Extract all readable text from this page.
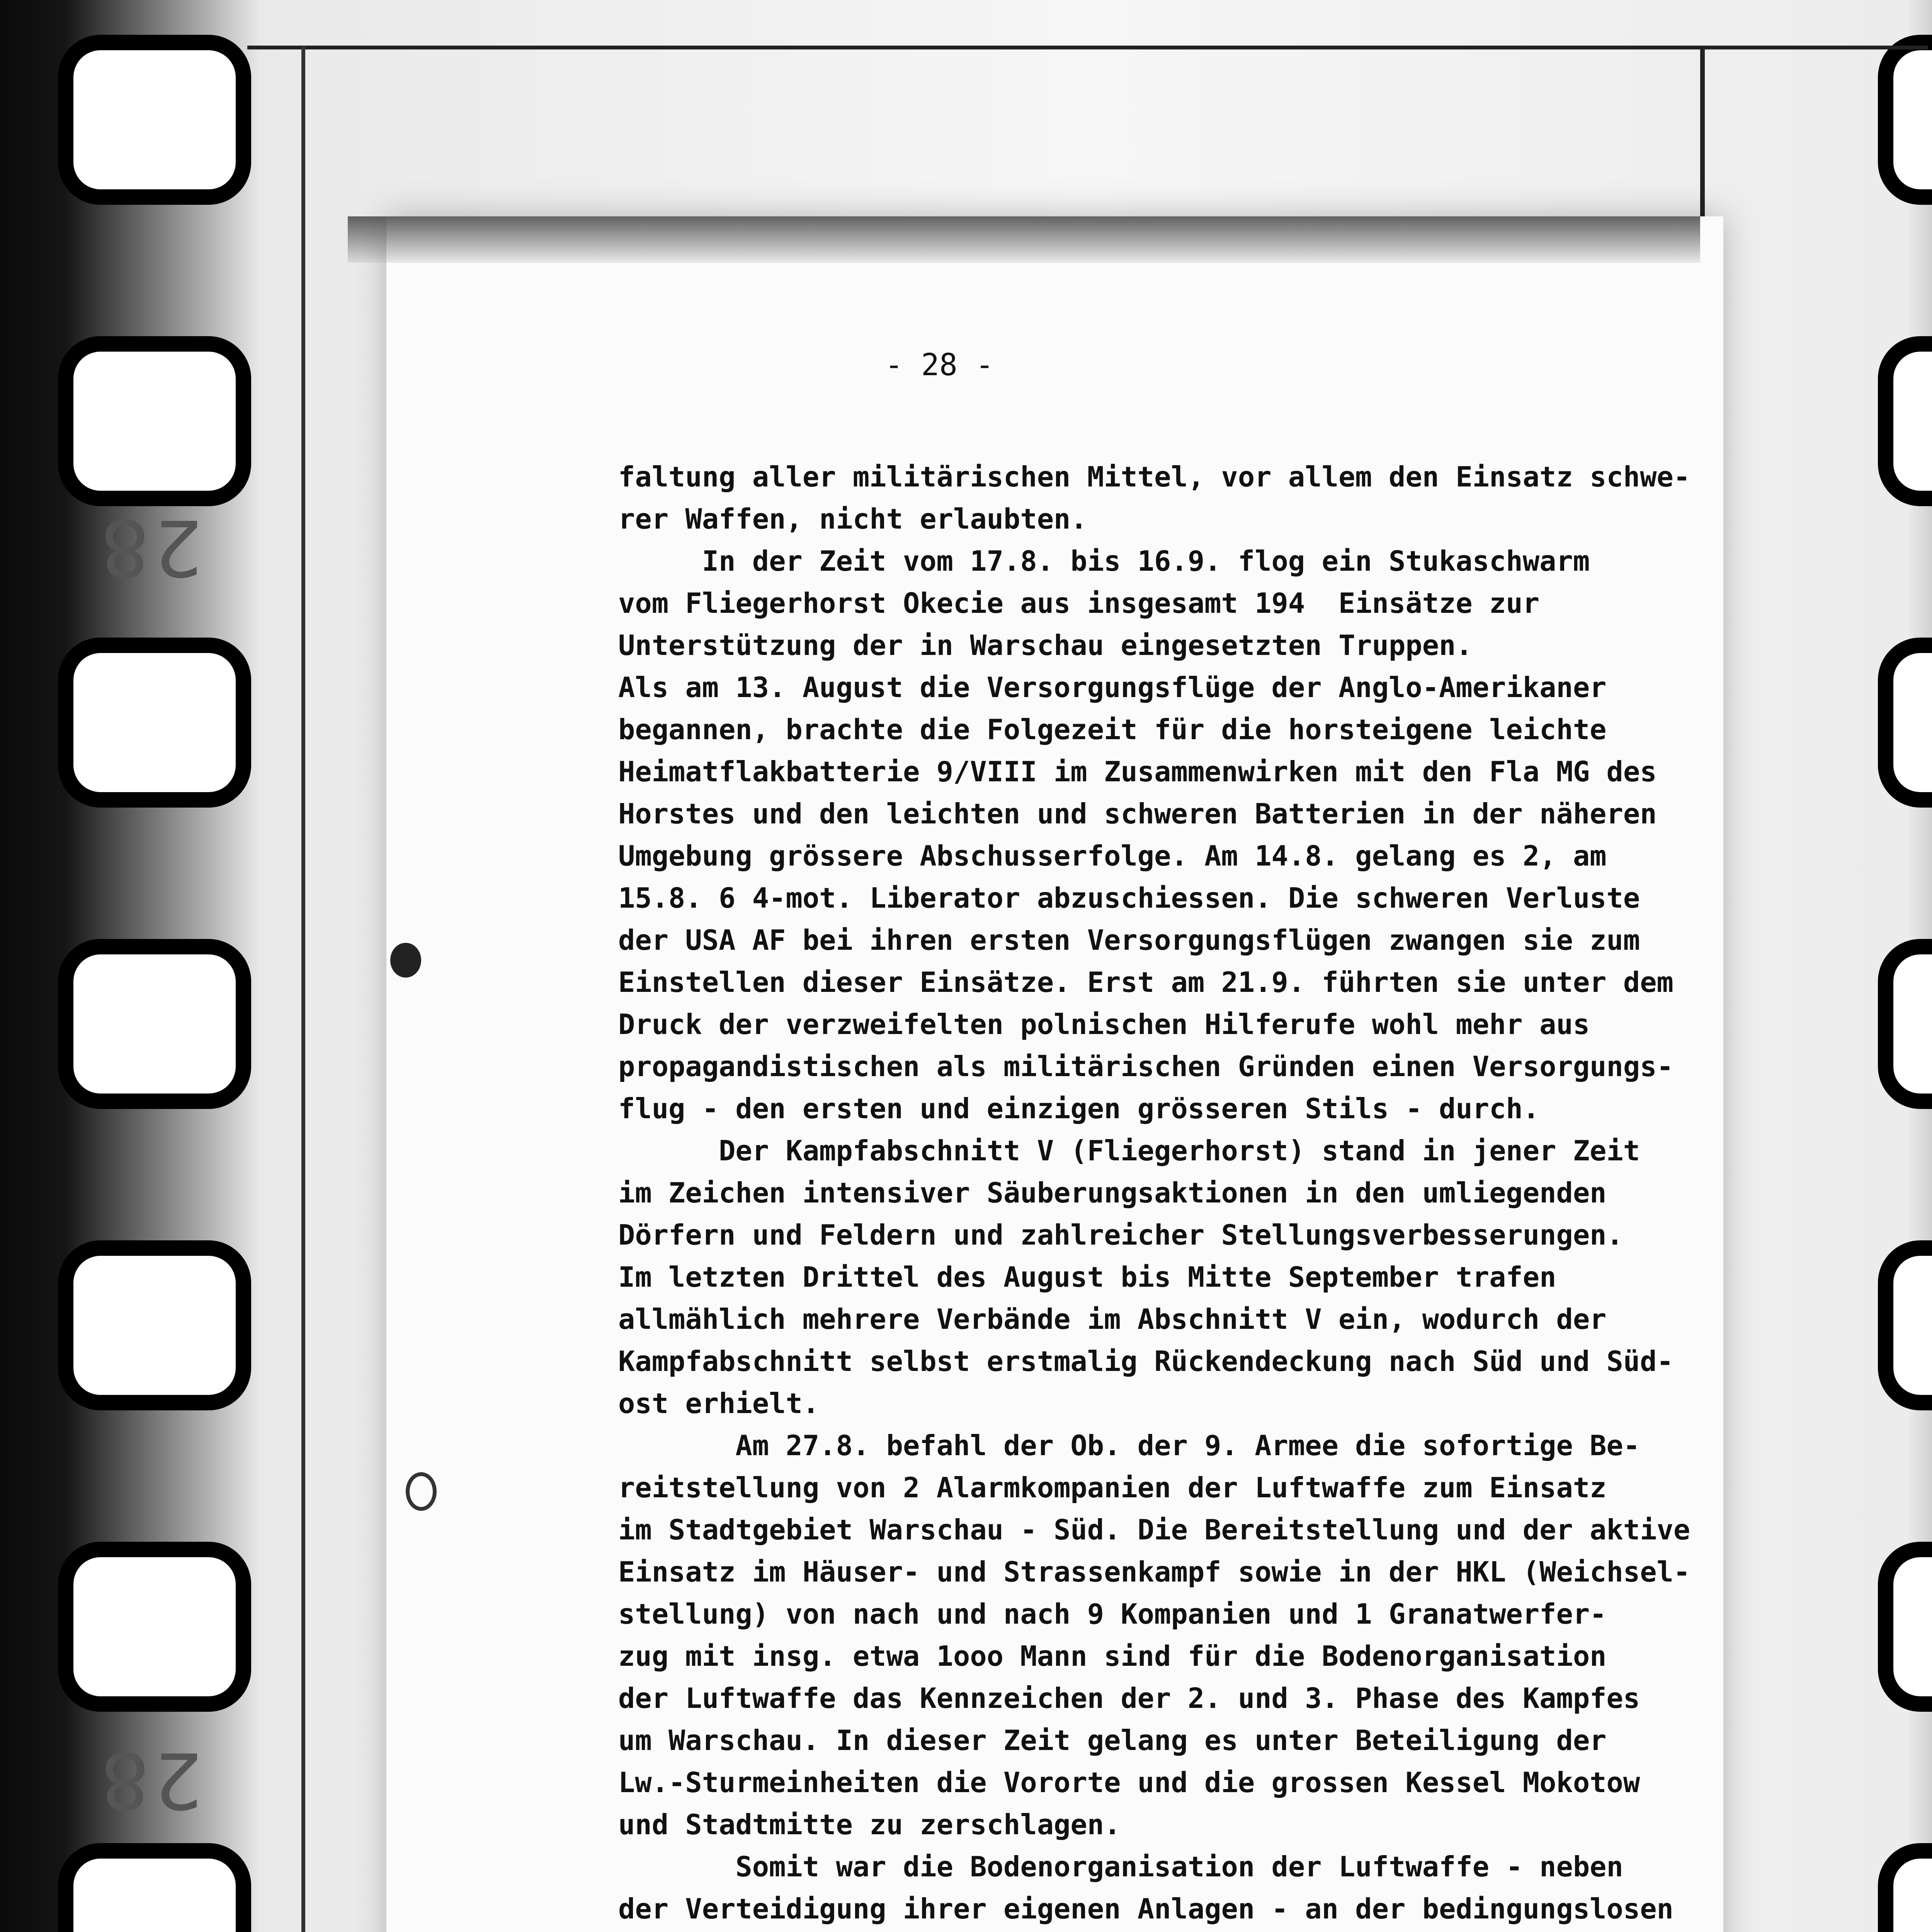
28
28
- 28 -
faltung aller militärischen Mittel, vor allem den Einsatz schwe-
rer Waffen, nicht erlaubten.
In der Zeit vom 17.8. bis 16.9. flog ein Stukaschwarm
vom Fliegerhorst Okecie aus insgesamt 194  Einsätze zur
Unterstützung der in Warschau eingesetzten Truppen.
Als am 13. August die Versorgungsflüge der Anglo-Amerikaner
begannen, brachte die Folgezeit für die horsteigene leichte
Heimatflakbatterie 9/VIII im Zusammenwirken mit den Fla MG des
Horstes und den leichten und schweren Batterien in der näheren
Umgebung grössere Abschusserfolge. Am 14.8. gelang es 2, am
15.8. 6 4-mot. Liberator abzuschiessen. Die schweren Verluste
der USA AF bei ihren ersten Versorgungsflügen zwangen sie zum
Einstellen dieser Einsätze. Erst am 21.9. führten sie unter dem
Druck der verzweifelten polnischen Hilferufe wohl mehr aus
propagandistischen als militärischen Gründen einen Versorgungs-
flug - den ersten und einzigen grösseren Stils - durch.
Der Kampfabschnitt V (Fliegerhorst) stand in jener Zeit
im Zeichen intensiver Säuberungsaktionen in den umliegenden
Dörfern und Feldern und zahlreicher Stellungsverbesserungen.
Im letzten Drittel des August bis Mitte September trafen
allmählich mehrere Verbände im Abschnitt V ein, wodurch der
Kampfabschnitt selbst erstmalig Rückendeckung nach Süd und Süd-
ost erhielt.
Am 27.8. befahl der Ob. der 9. Armee die sofortige Be-
reitstellung von 2 Alarmkompanien der Luftwaffe zum Einsatz
im Stadtgebiet Warschau - Süd. Die Bereitstellung und der aktive
Einsatz im Häuser- und Strassenkampf sowie in der HKL (Weichsel-
stellung) von nach und nach 9 Kompanien und 1 Granatwerfer-
zug mit insg. etwa 1ooo Mann sind für die Bodenorganisation
der Luftwaffe das Kennzeichen der 2. und 3. Phase des Kampfes
um Warschau. In dieser Zeit gelang es unter Beteiligung der
Lw.-Sturmeinheiten die Vororte und die grossen Kessel Mokotow
und Stadtmitte zu zerschlagen.
Somit war die Bodenorganisation der Luftwaffe - neben
der Verteidigung ihrer eigenen Anlagen - an der bedingungslosen
